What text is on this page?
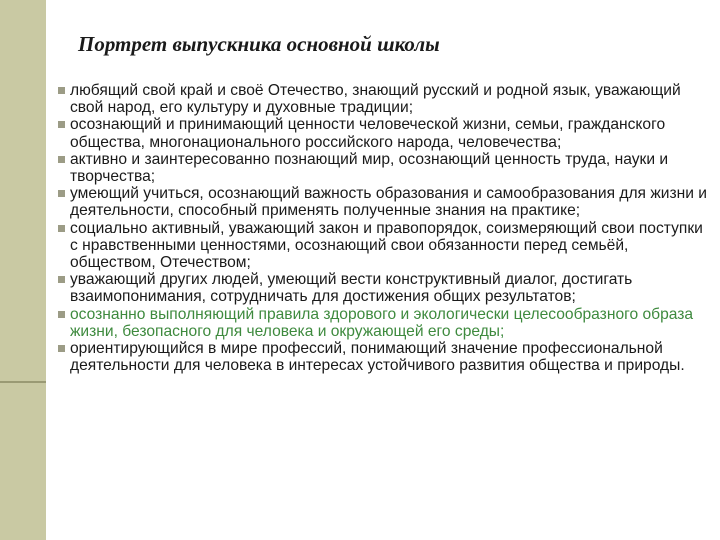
Портрет выпускника основной школы
любящий свой край и своё Отечество, знающий русский и родной язык, уважающий свой народ, его культуру и духовные традиции;
осознающий и принимающий ценности человеческой жизни, семьи, гражданского общества, многонационального российского народа, человечества;
активно и заинтересованно познающий мир, осознающий ценность труда, науки и творчества;
умеющий учиться, осознающий важность образования и самообразования для жизни и деятельности, способный применять полученные знания на практике;
социально активный, уважающий закон и правопорядок, соизмеряющий свои поступки с нравственными ценностями, осознающий свои обязанности перед семьёй, обществом, Отечеством;
уважающий других людей, умеющий вести конструктивный диалог, достигать взаимопонимания, сотрудничать для достижения общих результатов;
осознанно выполняющий правила здорового и экологически целесообразного образа жизни, безопасного для человека и окружающей его среды;
ориентирующийся в мире профессий, понимающий значение профессиональной деятельности для человека в интересах устойчивого развития общества и природы.
